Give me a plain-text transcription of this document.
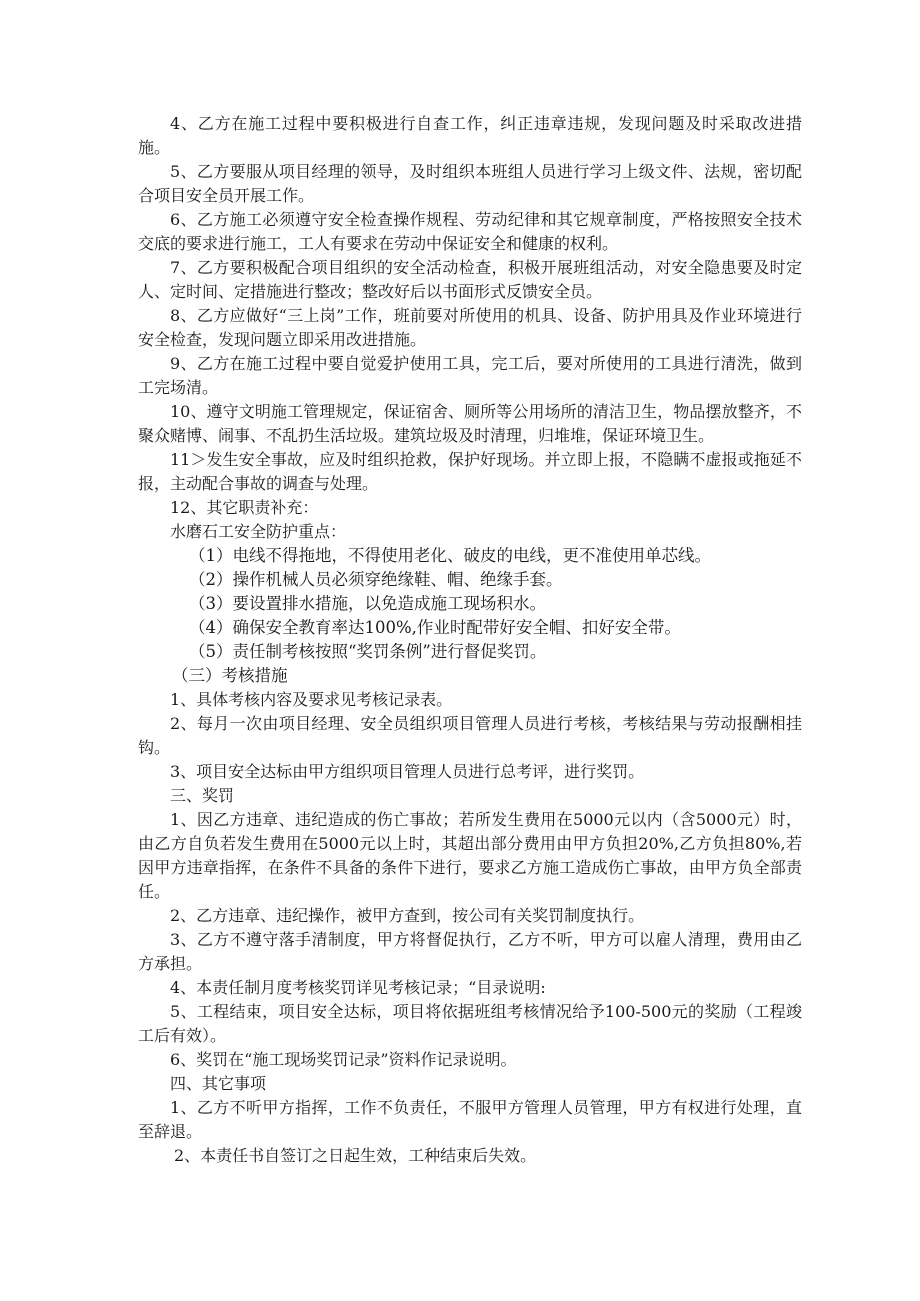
4、乙方在施工过程中要积极进行自查工作，纠正违章违规，发现问题及时采取改进措施。

5、乙方要服从项目经理的领导，及时组织本班组人员进行学习上级文件、法规，密切配合项目安全员开展工作。

6、乙方施工必须遵守安全检查操作规程、劳动纪律和其它规章制度，严格按照安全技术交底的要求进行施工，工人有要求在劳动中保证安全和健康的权利。

7、乙方要积极配合项目组织的安全活动检查，积极开展班组活动，对安全隐患要及时定人、定时间、定措施进行整改；整改好后以书面形式反馈安全员。

8、乙方应做好“三上岗”工作，班前要对所使用的机具、设备、防护用具及作业环境进行安全检查，发现问题立即采用改进措施。

9、乙方在施工过程中要自觉爱护使用工具，完工后，要对所使用的工具进行清洗，做到工完场清。

10、遵守文明施工管理规定，保证宿舍、厕所等公用场所的清洁卫生，物品摆放整齐，不聚众赌博、闹事、不乱扔生活垃圾。建筑垃圾及时清理，归堆堆，保证环境卫生。

11＞发生安全事故，应及时组织抢救，保护好现场。并立即上报，不隐瞒不虚报或拖延不报，主动配合事故的调查与处理。

12、其它职责补充：

水磨石工安全防护重点：

（1）电线不得拖地，不得使用老化、破皮的电线，更不准使用单芯线。

（2）操作机械人员必须穿绝缘鞋、帽、绝缘手套。

（3）要设置排水措施，以免造成施工现场积水。

（4）确保安全教育率达100%,作业时配带好安全帽、扣好安全带。

（5）责任制考核按照“奖罚条例”进行督促奖罚。

（三）考核措施

1、具体考核内容及要求见考核记录表。

2、每月一次由项目经理、安全员组织项目管理人员进行考核，考核结果与劳动报酬相挂钩。

3、项目安全达标由甲方组织项目管理人员进行总考评，进行奖罚。

三、奖罚

1、因乙方违章、违纪造成的伤亡事故；若所发生费用在5000元以内（含5000元）时，由乙方自负若发生费用在5000元以上时，其超出部分费用由甲方负担20%,乙方负担80%,若因甲方违章指挥，在条件不具备的条件下进行，要求乙方施工造成伤亡事故，由甲方负全部责任。

2、乙方违章、违纪操作，被甲方查到，按公司有关奖罚制度执行。

3、乙方不遵守落手清制度，甲方将督促执行，乙方不听，甲方可以雇人清理，费用由乙方承担。

4、本责任制月度考核奖罚详见考核记录；“目录说明:

5、工程结束，项目安全达标，项目将依据班组考核情况给予100-500元的奖励（工程竣工后有效）。

6、奖罚在“施工现场奖罚记录”资料作记录说明。

四、其它事项

1、乙方不听甲方指挥，工作不负责任，不服甲方管理人员管理，甲方有权进行处理，直至辞退。

2、本责任书自签订之日起生效，工种结束后失效。
